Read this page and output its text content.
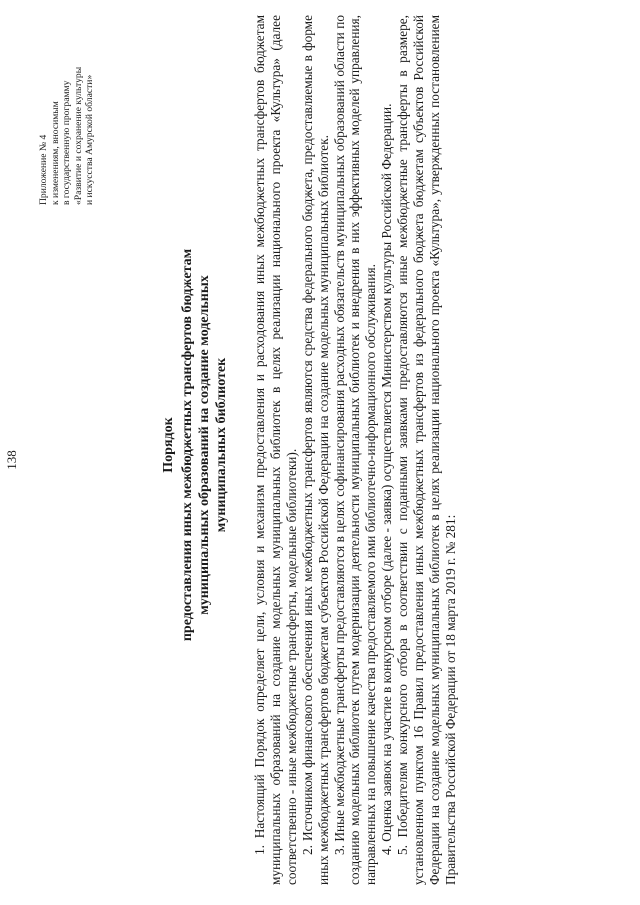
138
Приложение № 4 к изменениям, вносимым в государственную программу «Развитие и сохранение культуры и искусства Амурской области»
Порядок предоставления иных межбюджетных трансфертов бюджетам муниципальных образований на создание модельных муниципальных библиотек 1. Настоящий Порядок определяет цели, условия и механизм предоставления и расходования иных межбюджетных трансфертов бюджетам муниципальных образований на создание модельных муниципальных библиотек в целях реализации национального проекта «Культура» (далее соответственно - иные межбюджетные трансферты, модельные библиотеки). 2. Источником финансового обеспечения иных межбюджетных трансфертов являются средства федерального бюджета, предоставляемые в форме иных межбюджетных трансфертов бюджетам субъектов Российской Федерации на создание модельных муниципальных библиотек. 3. Иные межбюджетные трансферты предоставляются в целях софинансирования расходных обязательств муниципальных образований области по созданию модельных библиотек путем модернизации деятельности муниципальных библиотек и внедрения в них эффективных моделей управления, направленных на повышение качества предоставляемого ими библиотечно-информационного обслуживания. 4. Оценка заявок на участие в конкурсном отборе (далее - заявка) осуществляется Министерством культуры Российской Федерации. 5. Победителям конкурсного отбора в соответствии с поданными заявками предоставляются иные межбюджетные трансферты в размере, установленном пунктом 16 Правил предоставления иных межбюджетных трансфертов из федерального бюджета бюджетам субъектов Российской Федерации на создание модельных муниципальных библиотек в целях реализации национального проекта «Культура», утвержденных постановлением Правительства Российской Федерации от 18 марта 2019 г. № 281:
